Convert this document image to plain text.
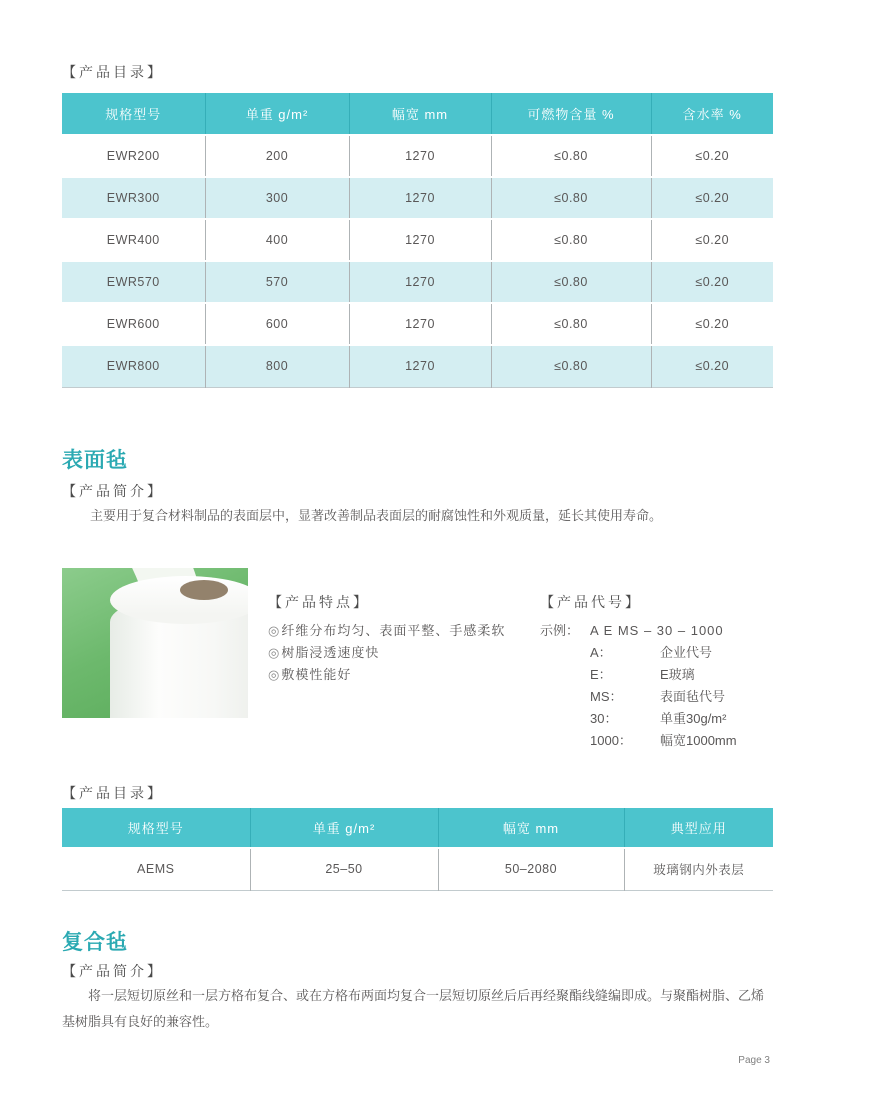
【产品目录】
规格型号	单重 g/m²	幅宽 mm	可燃物含量 %	含水率 %
EWR200	200	1270	≤0.80	≤0.20
EWR300	300	1270	≤0.80	≤0.20
EWR400	400	1270	≤0.80	≤0.20
EWR570	570	1270	≤0.80	≤0.20
EWR600	600	1270	≤0.80	≤0.20
EWR800	800	1270	≤0.80	≤0.20
表面毡
【产品简介】
主要用于复合材料制品的表面层中，显著改善制品表面层的耐腐蚀性和外观质量，延长其使用寿命。
【产品特点】
◎纤维分布均匀、表面平整、手感柔软
◎树脂浸透速度快
◎敷模性能好
【产品代号】
示例： A E MS – 30 – 1000
A：	企业代号
E：	E玻璃
MS：	表面毡代号
30：	单重30g/m²
1000：	幅宽1000mm
【产品目录】
规格型号	单重 g/m²	幅宽 mm	典型应用
AEMS	25–50	50–2080	玻璃钢内外表层
复合毡
【产品简介】
将一层短切原丝和一层方格布复合、或在方格布两面均复合一层短切原丝后后再经聚酯线缝编即成。与聚酯树脂、乙烯基树脂具有良好的兼容性。
Page 3
